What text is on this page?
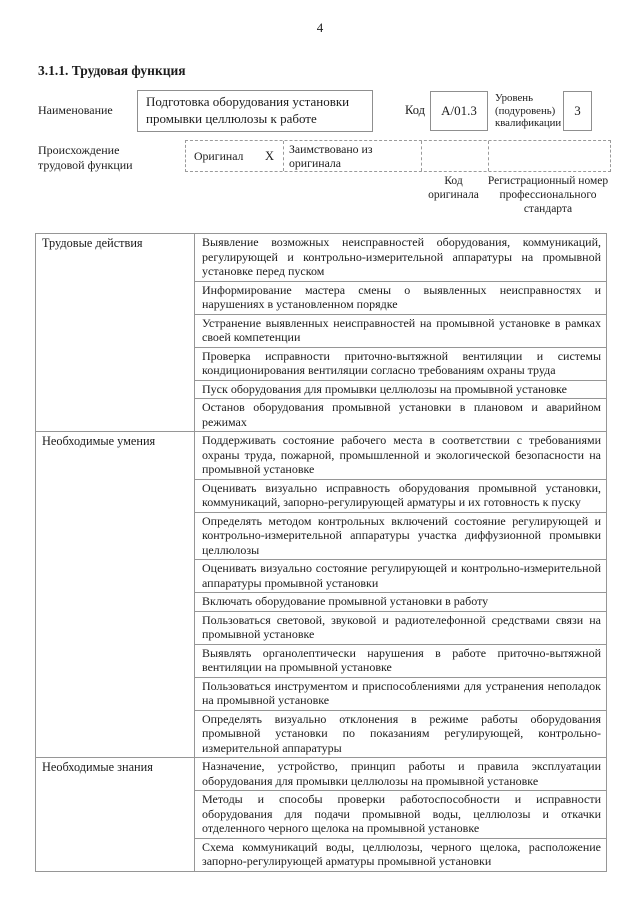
4
3.1.1. Трудовая функция
Наименование
Подготовка оборудования установки промывки целлюлозы к работе
Код	А/01.3
Уровень (подуровень) квалификации
3
Происхождение трудовой функции
Оригинал	X	Заимствовано из оригинала
Код оригинала
Регистрационный номер профессионального стандарта
Трудовые действия	Выявление возможных неисправностей оборудования, коммуникаций, регулирующей и контрольно-измерительной аппаратуры на промывной установке перед пуском
	Информирование мастера смены о выявленных неисправностях и нарушениях в установленном порядке
	Устранение выявленных неисправностей на промывной установке в рамках своей компетенции
	Проверка исправности приточно-вытяжной вентиляции и системы кондиционирования вентиляции согласно требованиям охраны труда
	Пуск оборудования для промывки целлюлозы на промывной установке
	Останов оборудования промывной установки в плановом и аварийном режимах
Необходимые умения	Поддерживать состояние рабочего места в соответствии с требованиями охраны труда, пожарной, промышленной и экологической безопасности на промывной установке
	Оценивать визуально исправность оборудования промывной установки, коммуникаций, запорно-регулирующей арматуры и их готовность к пуску
	Определять методом контрольных включений состояние регулирующей и контрольно-измерительной аппаратуры участка диффузионной промывки целлюлозы
	Оценивать визуально состояние регулирующей и контрольно-измерительной аппаратуры промывной установки
	Включать оборудование промывной установки в работу
	Пользоваться световой, звуковой и радиотелефонной средствами связи на промывной установке
	Выявлять органолептически нарушения в работе приточно-вытяжной вентиляции на промывной установке
	Пользоваться инструментом и приспособлениями для устранения неполадок на промывной установке
	Определять визуально отклонения в режиме работы оборудования промывной установки по показаниям регулирующей, контрольно-измерительной аппаратуры
Необходимые знания	Назначение, устройство, принцип работы и правила эксплуатации оборудования для промывки целлюлозы на промывной установке
	Методы и способы проверки работоспособности и исправности оборудования для подачи промывной воды, целлюлозы и откачки отделенного черного щелока на промывной установке
	Схема коммуникаций воды, целлюлозы, черного щелока, расположение запорно-регулирующей арматуры промывной установки
